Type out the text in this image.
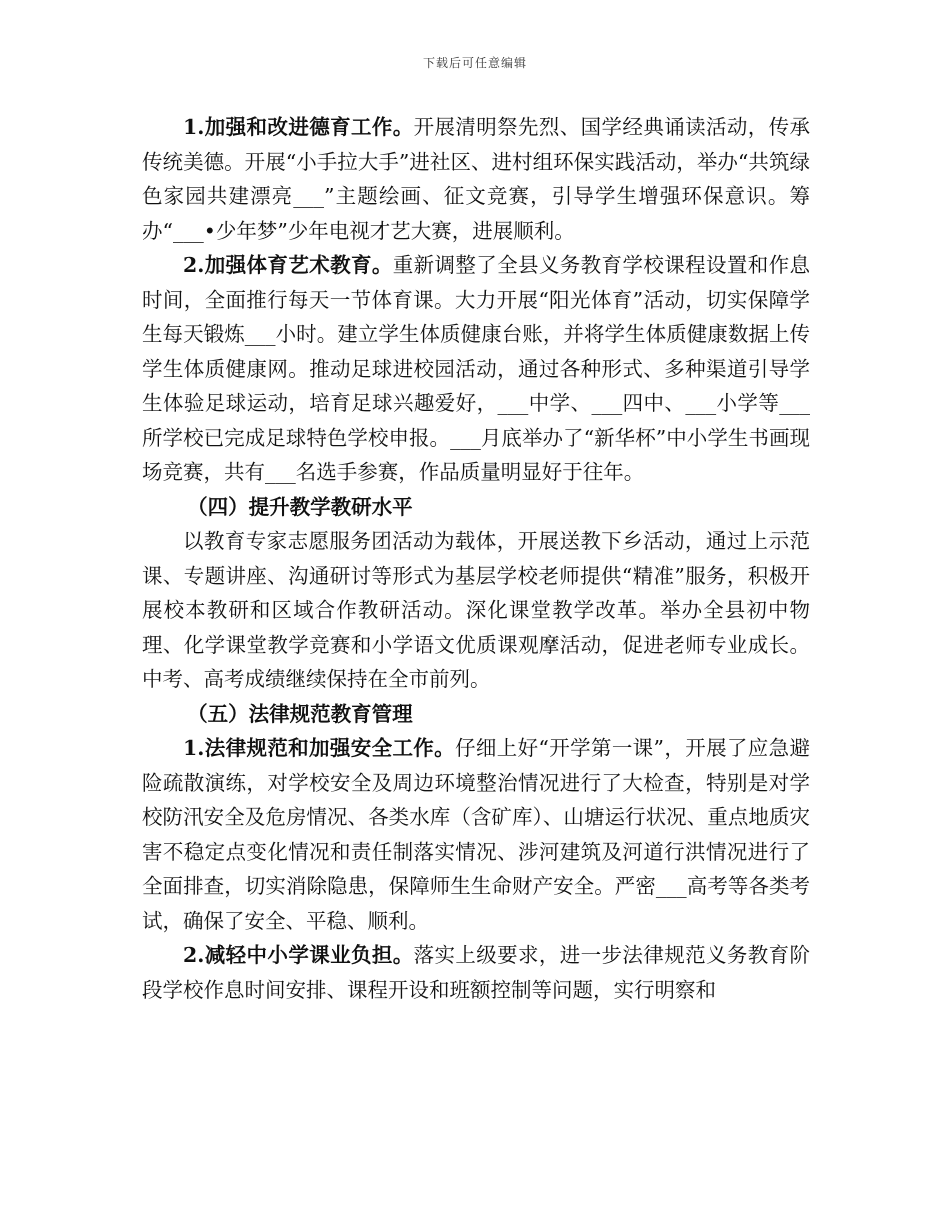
下载后可任意编辑

1.加强和改进德育工作。开展清明祭先烈、国学经典诵读活动，传承传统美德。开展“小手拉大手”进社区、进村组环保实践活动，举办“共筑绿色家园共建漂亮___”主题绘画、征文竞赛，引导学生增强环保意识。筹办“___•少年梦”少年电视才艺大赛，进展顺利。

2.加强体育艺术教育。重新调整了全县义务教育学校课程设置和作息时间，全面推行每天一节体育课。大力开展“阳光体育”活动，切实保障学生每天锻炼___小时。建立学生体质健康台账，并将学生体质健康数据上传学生体质健康网。推动足球进校园活动，通过各种形式、多种渠道引导学生体验足球运动，培育足球兴趣爱好，___中学、___四中、___小学等___所学校已完成足球特色学校申报。___月底举办了“新华杯”中小学生书画现场竞赛，共有___名选手参赛，作品质量明显好于往年。

（四）提升教学教研水平

以教育专家志愿服务团活动为载体，开展送教下乡活动，通过上示范课、专题讲座、沟通研讨等形式为基层学校老师提供“精准”服务，积极开展校本教研和区域合作教研活动。深化课堂教学改革。举办全县初中物理、化学课堂教学竞赛和小学语文优质课观摩活动，促进老师专业成长。中考、高考成绩继续保持在全市前列。

（五）法律规范教育管理

1.法律规范和加强安全工作。仔细上好“开学第一课”，开展了应急避险疏散演练，对学校安全及周边环境整治情况进行了大检查，特别是对学校防汛安全及危房情况、各类水库（含矿库）、山塘运行状况、重点地质灾害不稳定点变化情况和责任制落实情况、涉河建筑及河道行洪情况进行了全面排查，切实消除隐患，保障师生生命财产安全。严密___高考等各类考试，确保了安全、平稳、顺利。

2.减轻中小学课业负担。落实上级要求，进一步法律规范义务教育阶段学校作息时间安排、课程开设和班额控制等问题，实行明察和
